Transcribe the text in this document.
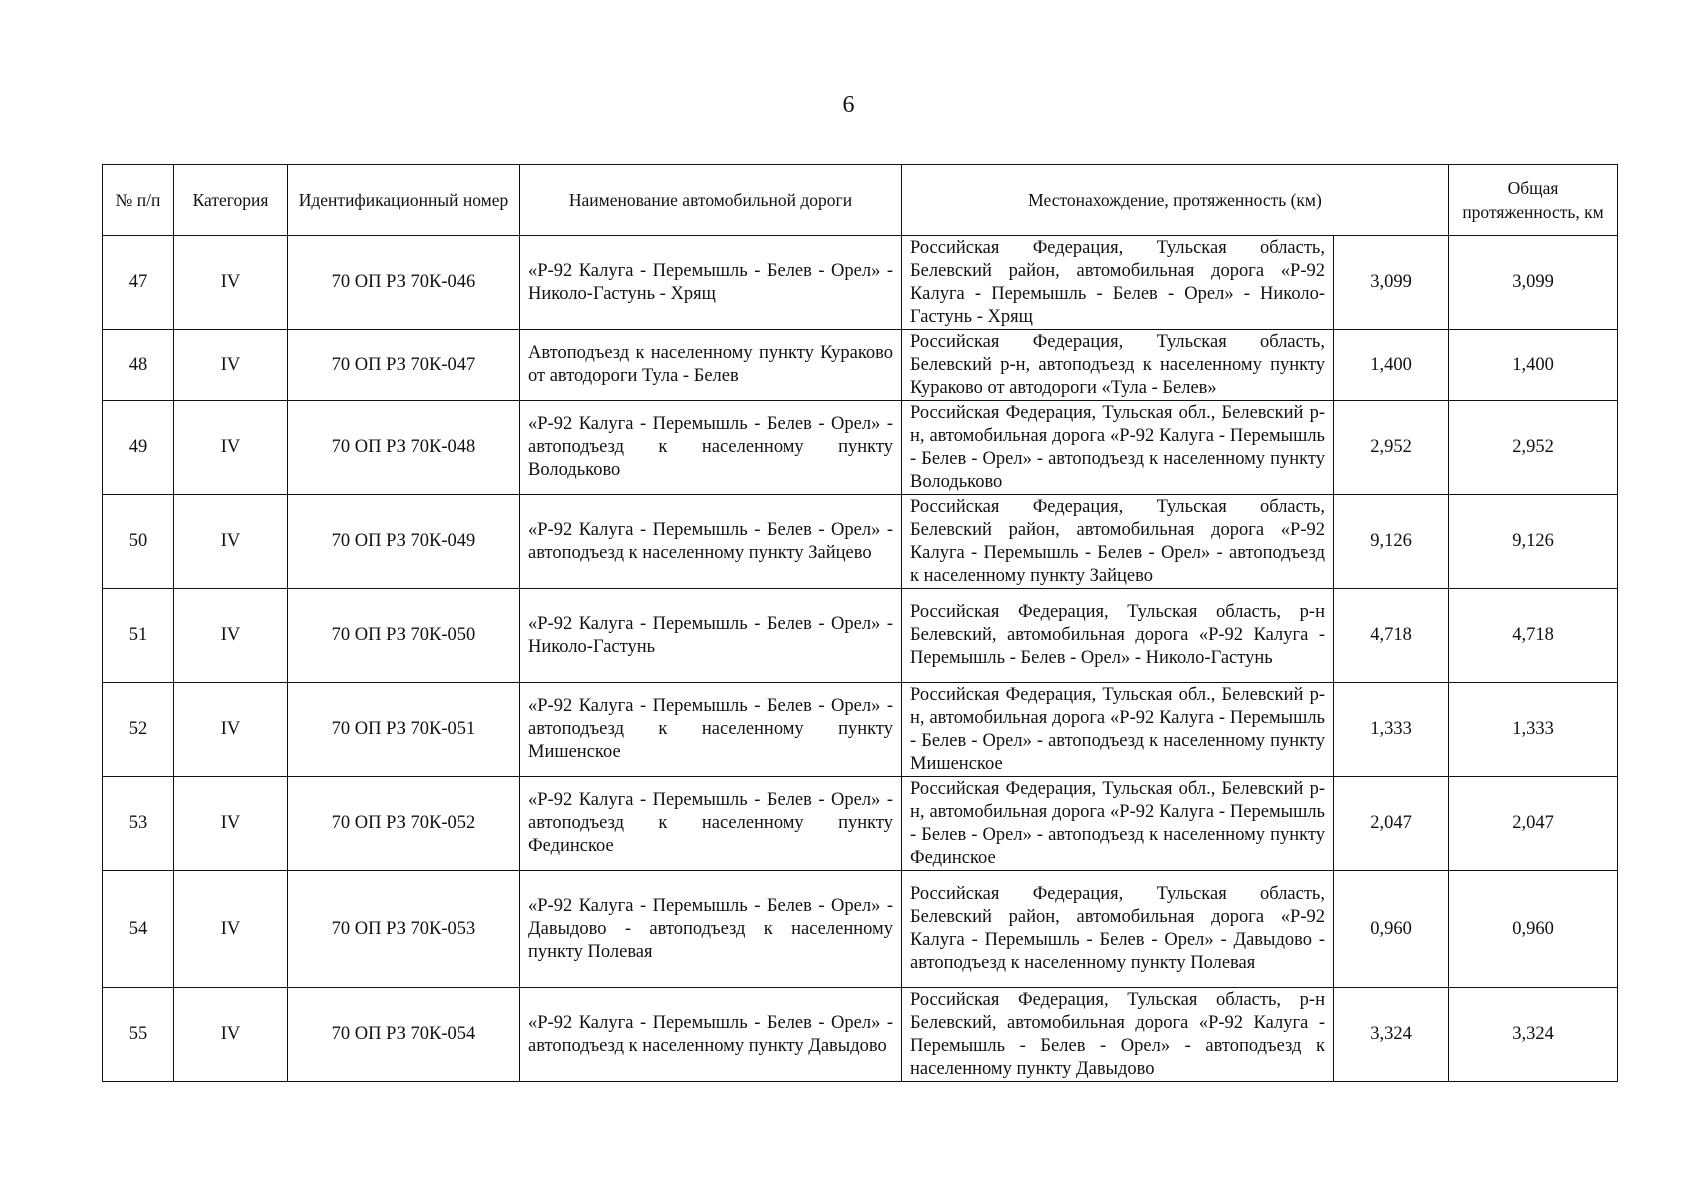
6
№ п/п	Категория	Идентификационный номер	Наименование автомобильной дороги	Местонахождение, протяженность (км)		Общая протяженность, км
47	IV	70 ОП РЗ 70К-046	«Р-92 Калуга - Перемышль - Белев - Орел» - Николо-Гастунь - Хрящ	Российская Федерация, Тульская область, Белевский район, автомобильная дорога «Р-92 Калуга - Перемышль - Белев - Орел» - Николо-Гастунь - Хрящ	3,099	3,099
48	IV	70 ОП РЗ 70К-047	Автоподъезд к населенному пункту Кураково от автодороги Тула - Белев	Российская Федерация, Тульская область, Белевский р-н, автоподъезд к населенному пункту Кураково от автодороги «Тула - Белев»	1,400	1,400
49	IV	70 ОП РЗ 70К-048	«Р-92 Калуга - Перемышль - Белев - Орел» - автоподъезд к населенному пункту Володьково	Российская Федерация, Тульская обл., Белевский р-н, автомобильная дорога «Р-92 Калуга - Перемышль - Белев - Орел» - автоподъезд к населенному пункту Володьково	2,952	2,952
50	IV	70 ОП РЗ 70К-049	«Р-92 Калуга - Перемышль - Белев - Орел» - автоподъезд к населенному пункту Зайцево	Российская Федерация, Тульская область, Белевский район, автомобильная дорога «Р-92 Калуга - Перемышль - Белев - Орел» - автоподъезд к населенному пункту Зайцево	9,126	9,126
51	IV	70 ОП РЗ 70К-050	«Р-92 Калуга - Перемышль - Белев - Орел» - Николо-Гастунь	Российская Федерация, Тульская область, р-н Белевский, автомобильная дорога «Р-92 Калуга - Перемышль - Белев - Орел» - Николо-Гастунь	4,718	4,718
52	IV	70 ОП РЗ 70К-051	«Р-92 Калуга - Перемышль - Белев - Орел» - автоподъезд к населенному пункту Мишенское	Российская Федерация, Тульская обл., Белевский р-н, автомобильная дорога «Р-92 Калуга - Перемышль - Белев - Орел» - автоподъезд к населенному пункту Мишенское	1,333	1,333
53	IV	70 ОП РЗ 70К-052	«Р-92 Калуга - Перемышль - Белев - Орел» - автоподъезд к населенному пункту Фединское	Российская Федерация, Тульская обл., Белевский р-н, автомобильная дорога «Р-92 Калуга - Перемышль - Белев - Орел» - автоподъезд к населенному пункту Фединское	2,047	2,047
54	IV	70 ОП РЗ 70К-053	«Р-92 Калуга - Перемышль - Белев - Орел» - Давыдово - автоподъезд к населенному пункту Полевая	Российская Федерация, Тульская область, Белевский район, автомобильная дорога «Р-92 Калуга - Перемышль - Белев - Орел» - Давыдово - автоподъезд к населенному пункту Полевая	0,960	0,960
55	IV	70 ОП РЗ 70К-054	«Р-92 Калуга - Перемышль - Белев - Орел» - автоподъезд к населенному пункту Давыдово	Российская Федерация, Тульская область, р-н Белевский, автомобильная дорога «Р-92 Калуга - Перемышль - Белев - Орел» - автоподъезд к населенному пункту Давыдово	3,324	3,324
